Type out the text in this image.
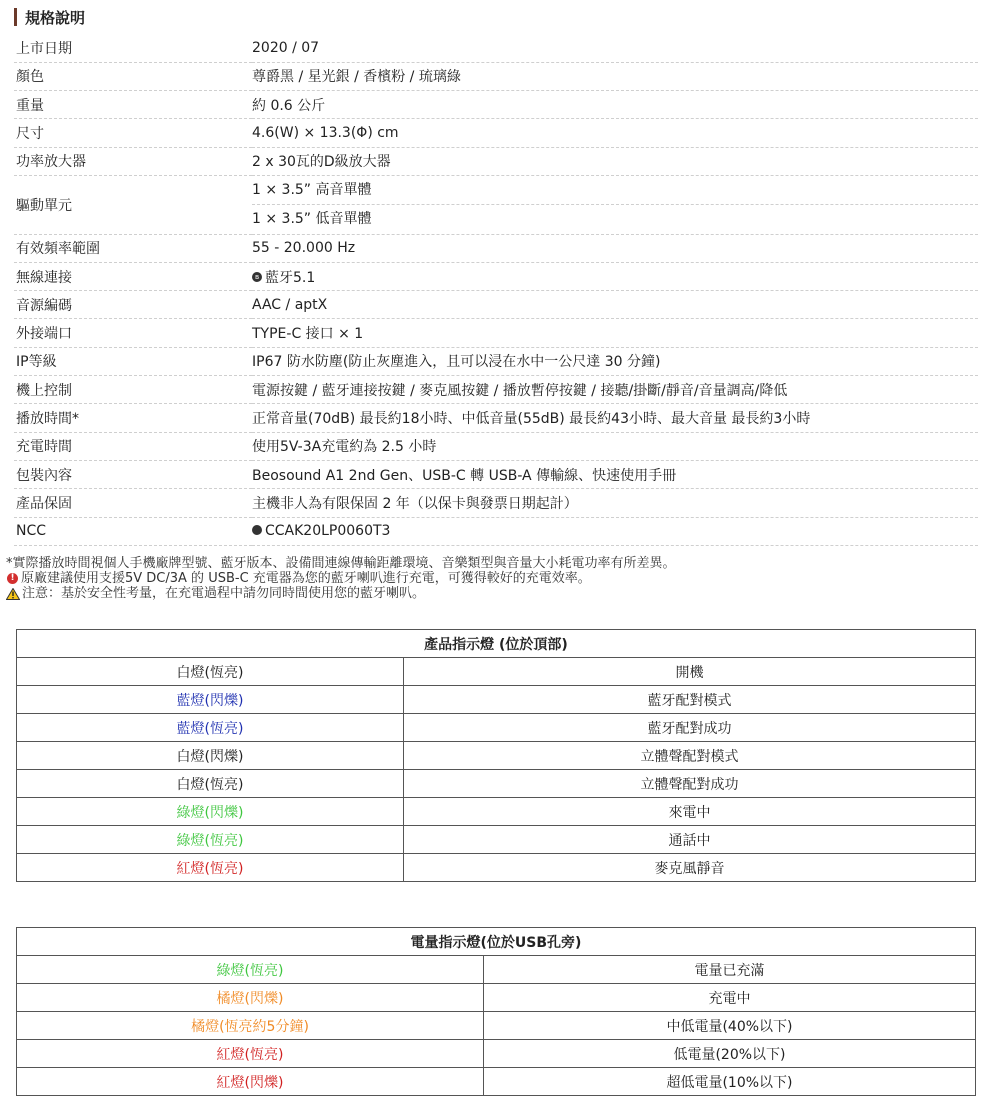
規格說明
上市日期	2020 / 07

顏色	尊爵黑 / 星光銀 / 香檳粉 / 琉璃綠

重量	約 0.6 公斤

尺寸	4.6(W) × 13.3(Φ) cm

功率放大器	2 x 30瓦的D級放大器

驅動單元	1 × 3.5” 高音單體
1 × 3.5” 低音單體

有效頻率範圍	55 - 20.000 Hz

無線連接	ʙ 藍牙5.1

音源編碼	AAC / aptX

外接端口	TYPE-C 接口 × 1

IP等級	IP67 防水防塵(防止灰塵進入，且可以浸在水中一公尺達 30 分鐘)

機上控制	電源按鍵 / 藍牙連接按鍵 / 麥克風按鍵 / 播放暫停按鍵 / 接聽/掛斷/靜音/音量調高/降低

播放時間*	正常音量(70dB) 最長約18小時、中低音量(55dB) 最長約43小時、最大音量 最長約3小時

充電時間	使用5V-3A充電約為 2.5 小時

包裝內容	Beosound A1 2nd Gen、USB-C 轉 USB-A 傳輸線、快速使用手冊

產品保固	主機非人為有限保固 2 年（以保卡與發票日期起計）

NCC	CCAK20LP0060T3
*實際播放時間視個人手機廠牌型號、藍牙版本、設備間連線傳輸距離環境、音樂類型與音量大小耗電功率有所差異。
! 原廠建議使用支援5V DC/3A 的 USB-C 充電器為您的藍牙喇叭進行充電，可獲得較好的充電效率。
注意：基於安全性考量，在充電過程中請勿同時間使用您的藍牙喇叭。
產品指示燈 (位於頂部)	
白燈(恆亮)	開機
藍燈(閃爍)	藍牙配對模式
藍燈(恆亮)	藍牙配對成功
白燈(閃爍)	立體聲配對模式
白燈(恆亮)	立體聲配對成功
綠燈(閃爍)	來電中
綠燈(恆亮)	通話中
紅燈(恆亮)	麥克風靜音
電量指示燈(位於USB孔旁)	
綠燈(恆亮)	電量已充滿
橘燈(閃爍)	充電中
橘燈(恆亮約5分鐘)	中低電量(40%以下)
紅燈(恆亮)	低電量(20%以下)
紅燈(閃爍)	超低電量(10%以下)
